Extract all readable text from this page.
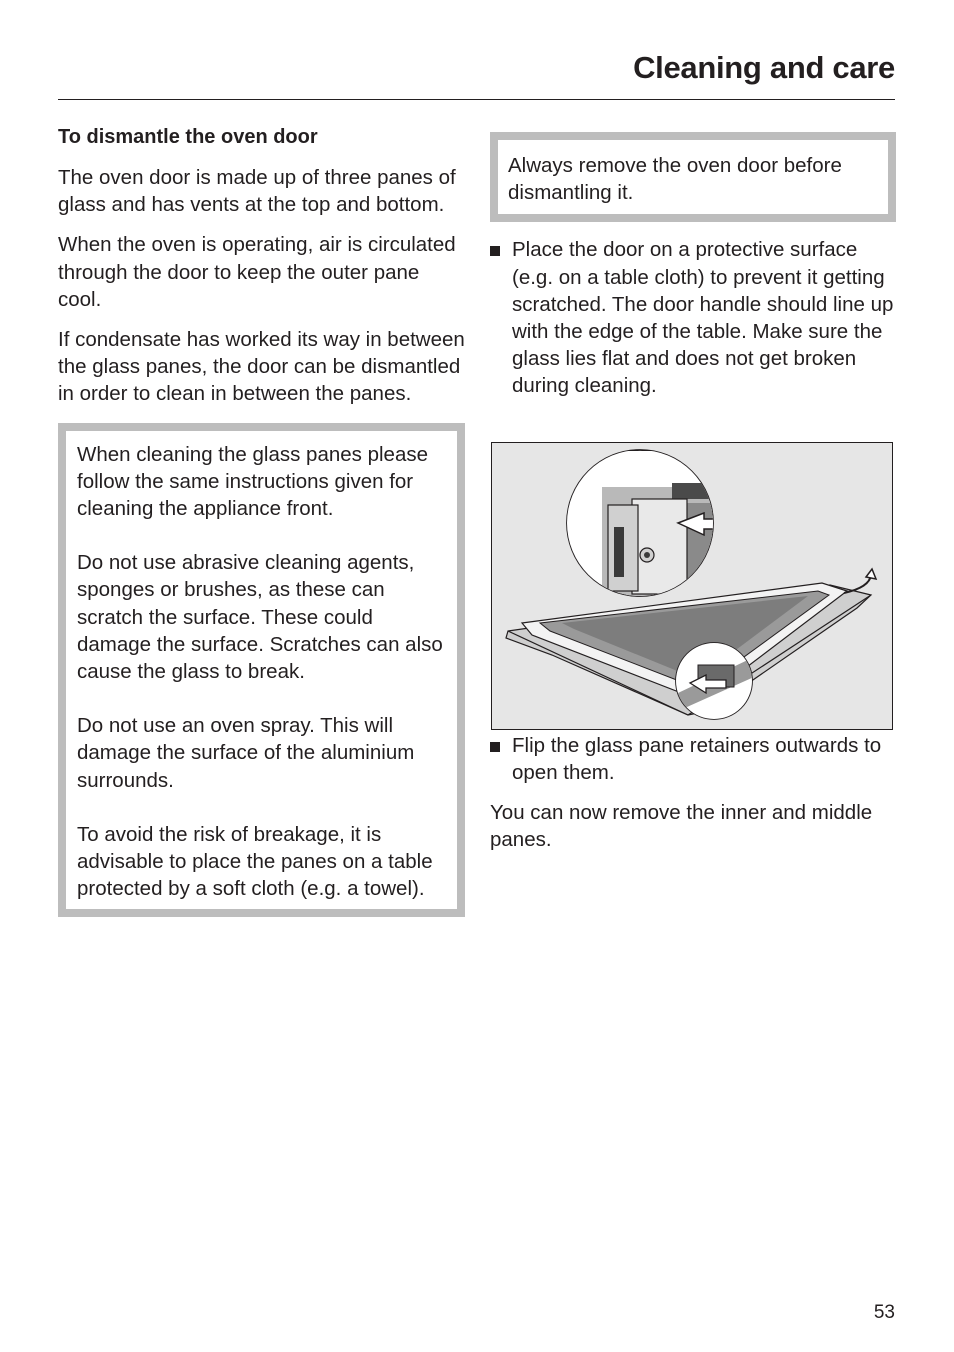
Cleaning and care
To dismantle the oven door

The oven door is made up of three panes of glass and has vents at the top and bottom.

When the oven is operating, air is circulated through the door to keep the outer pane cool.

If condensate has worked its way in between the glass panes, the door can be dismantled in order to clean in between the panes.

When cleaning the glass panes please follow the same instructions given for cleaning the appliance front.

Do not use abrasive cleaning agents, sponges or brushes, as these can scratch the surface. These could damage the surface. Scratches can also cause the glass to break.

Do not use an oven spray. This will damage the surface of the aluminium surrounds.

To avoid the risk of breakage, it is advisable to place the panes on a table protected by a soft cloth (e.g. a towel).

Always remove the oven door before dismantling it.

Place the door on a protective surface (e.g. on a table cloth) to prevent it getting scratched. The door handle should line up with the edge of the table. Make sure the glass lies flat and does not get broken during cleaning.
Flip the glass pane retainers outwards to open them.

You can now remove the inner and middle panes.

53
